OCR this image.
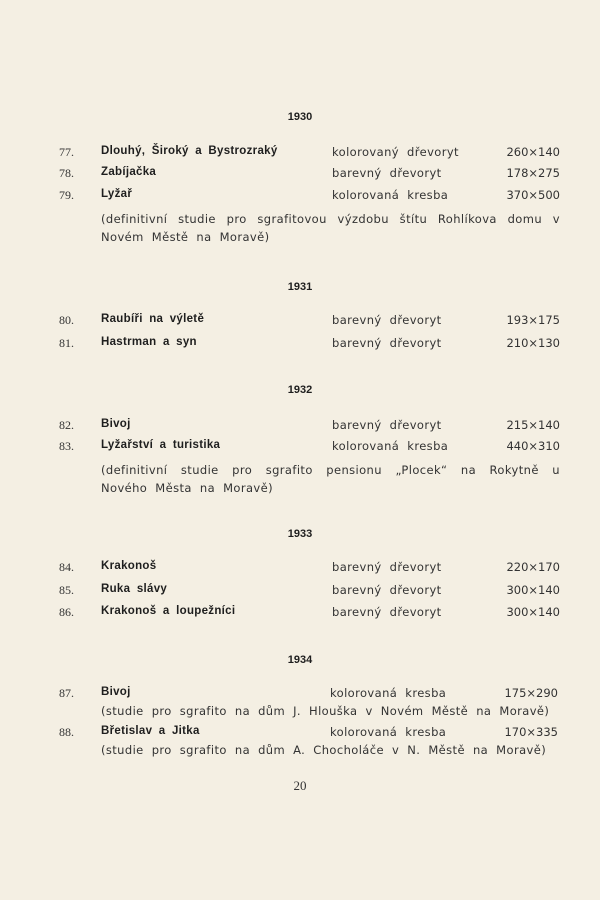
1930
77. Dlouhý, Široký a Bystrozraký	kolorovaný dřevoryt	260×140
78. Zabíjačka	barevný dřevoryt	178×275
79. Lyžař	kolorovaná kresba	370×500
(definitivní studie pro sgrafitovou výzdobu štítu Rohlíkova domu v Novém Městě na Moravě)
1931
80. Raubíři na výletě	barevný dřevoryt	193×175
81. Hastrman a syn	barevný dřevoryt	210×130
1932
82. Bivoj	barevný dřevoryt	215×140
83. Lyžařství a turistika	kolorovaná kresba	440×310
(definitivní studie pro sgrafito pensionu „Plocek“ na Rokytně u Nového Města na Moravě)
1933
84. Krakonoš	barevný dřevoryt	220×170
85. Ruka slávy	barevný dřevoryt	300×140
86. Krakonoš a loupežníci	barevný dřevoryt	300×140
1934
87. Bivoj	kolorovaná kresba	175×290
(studie pro sgrafito na dům J. Hlouška v Novém Městě na Moravě)
88. Břetislav a Jitka	kolorovaná kresba	170×335
(studie pro sgrafito na dům A. Chocholáče v N. Městě na Moravě)
20
